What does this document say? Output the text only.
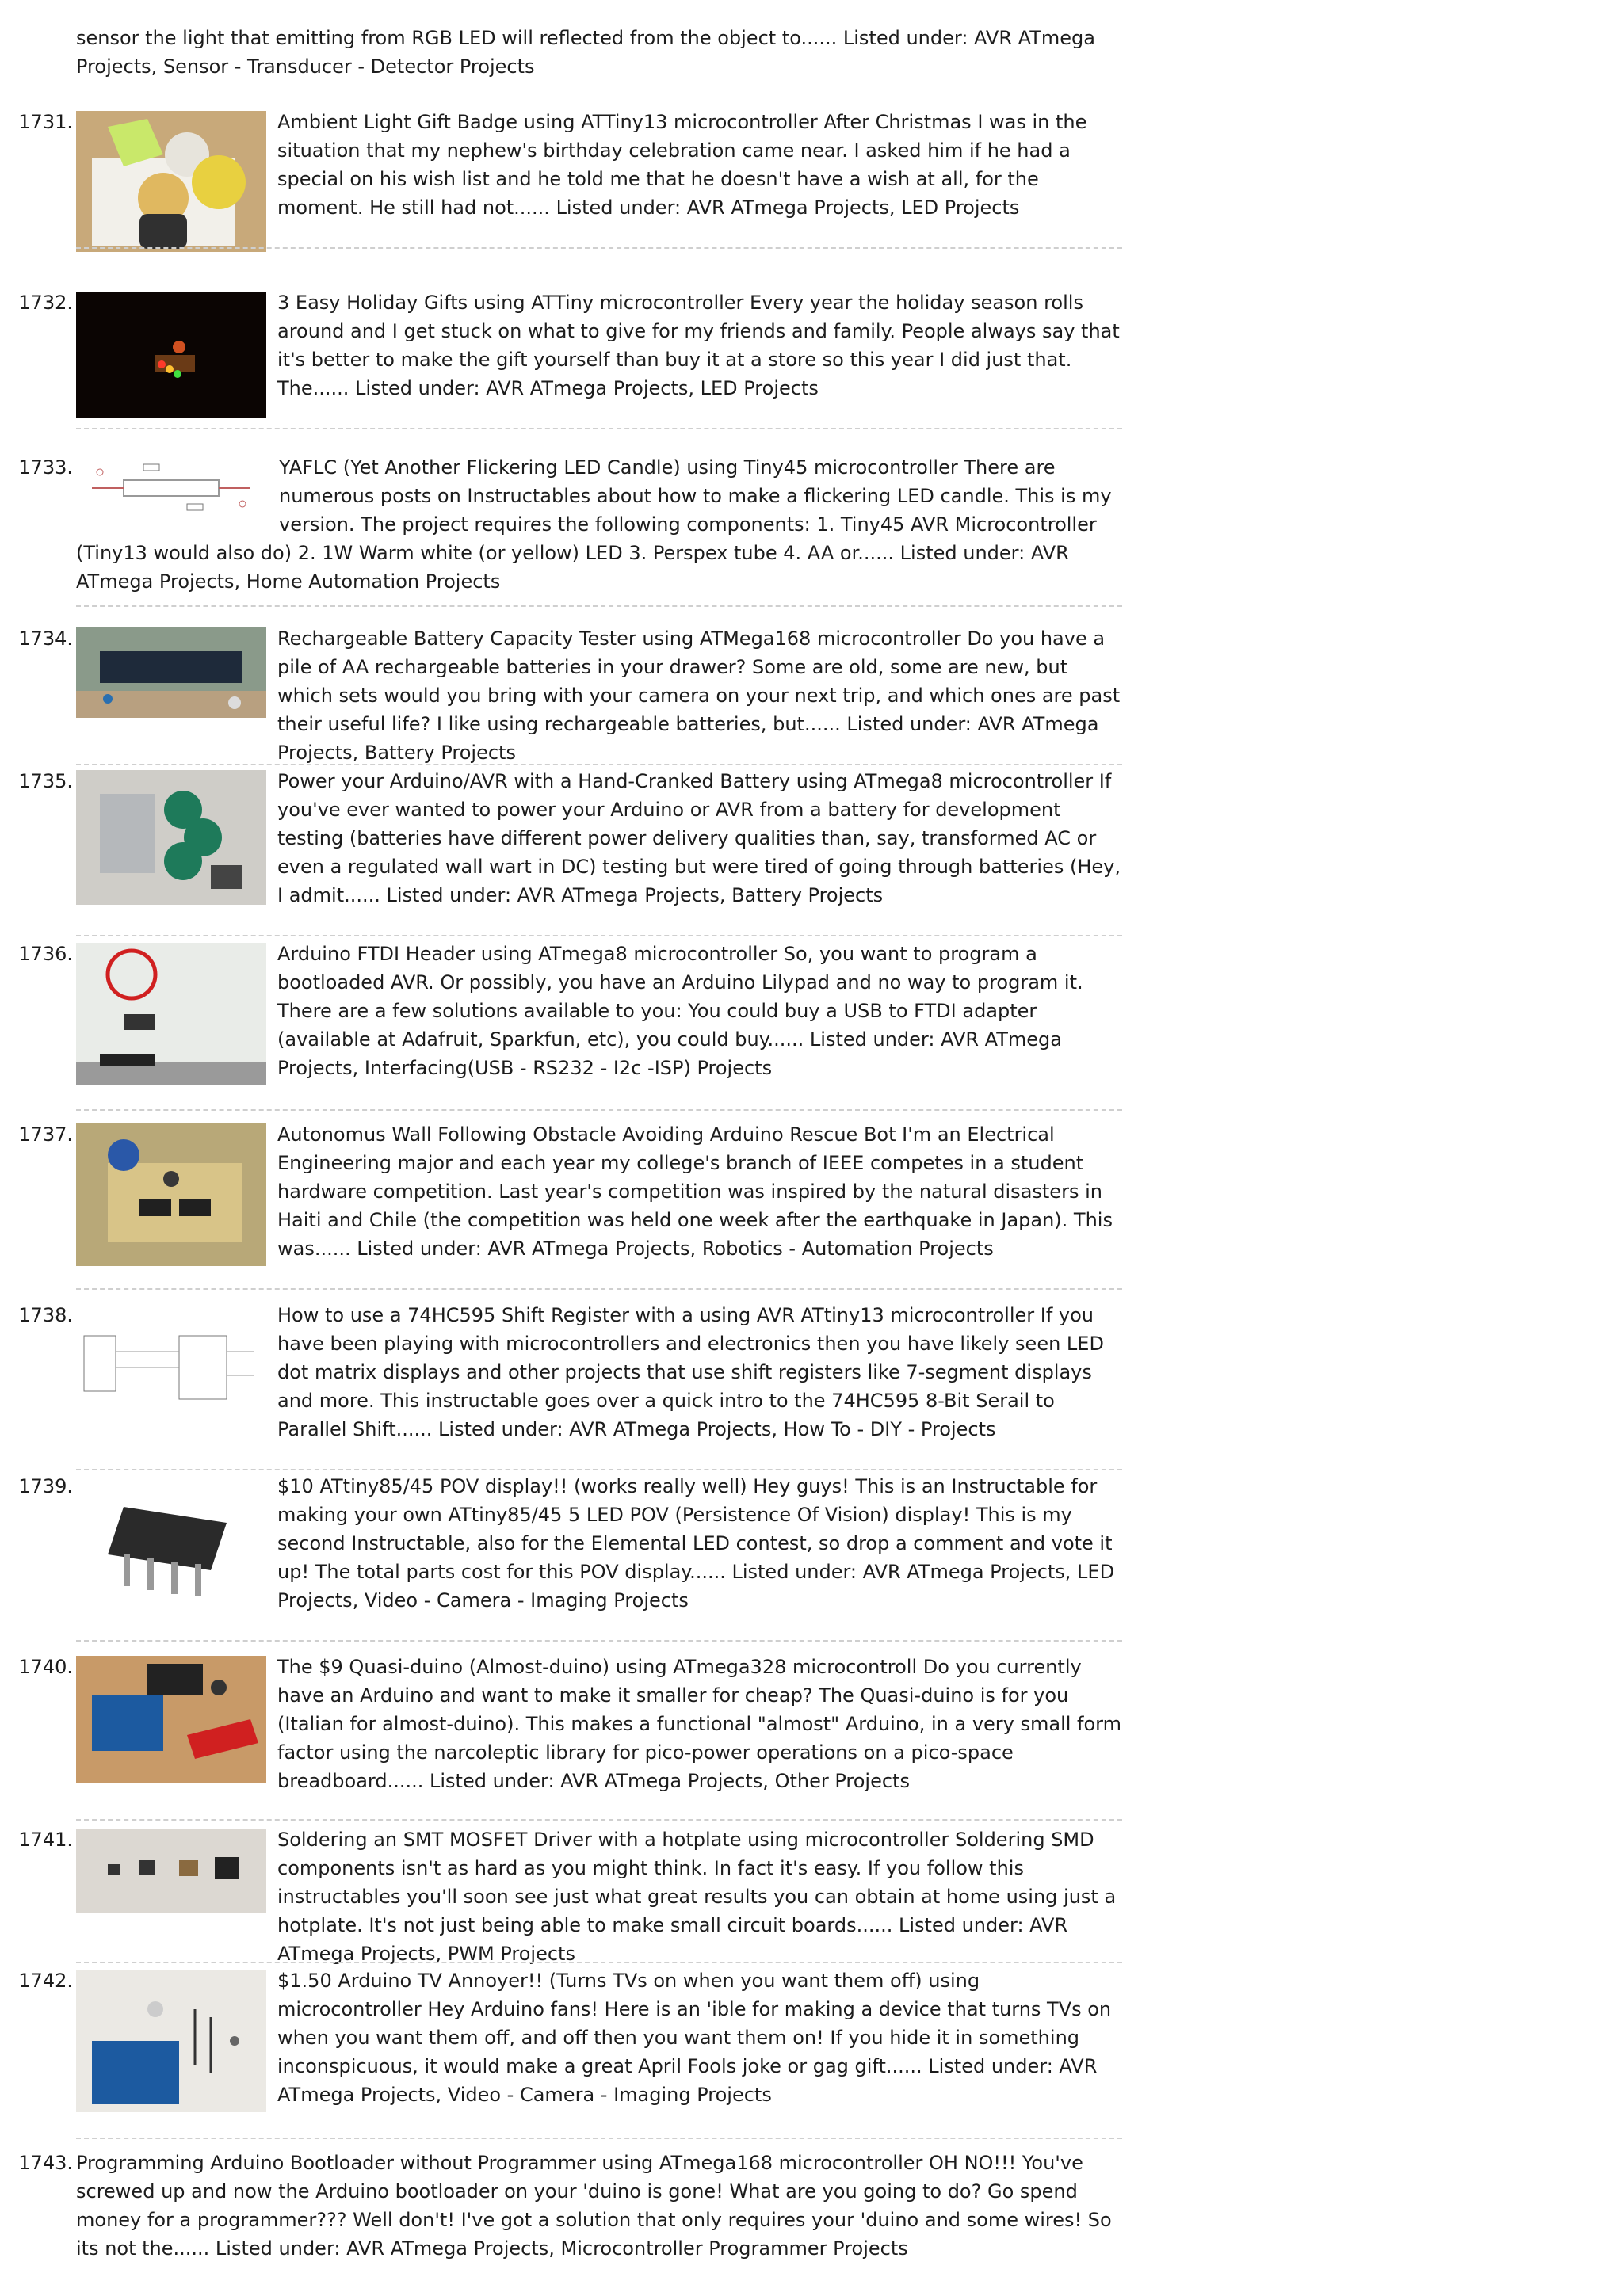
sensor the light that emitting from RGB LED will reflected from the object to...... Listed under: AVR ATmega Projects, Sensor - Transducer - Detector Projects

1731.	Ambient Light Gift Badge using ATTiny13 microcontroller After Christmas I was in the situation that my nephew's birthday celebration came near. I asked him if he had a special on his wish list and he told me that he doesn't have a wish at all, for the moment. He still had not...... Listed under: AVR ATmega Projects, LED Projects

1732.	3 Easy Holiday Gifts using ATTiny microcontroller Every year the holiday season rolls around and I get stuck on what to give for my friends and family. People always say that it's better to make the gift yourself than buy it at a store so this year I did just that. The...... Listed under: AVR ATmega Projects, LED Projects

1733.	YAFLC (Yet Another Flickering LED Candle) using Tiny45 microcontroller There are numerous posts on Instructables about how to make a flickering LED candle. This is my version. The project requires the following components: 1. Tiny45 AVR Microcontroller (Tiny13 would also do) 2. 1W Warm white (or yellow) LED 3. Perspex tube 4. AA or...... Listed under: AVR ATmega Projects, Home Automation Projects

1734.	Rechargeable Battery Capacity Tester using ATMega168 microcontroller Do you have a pile of AA rechargeable batteries in your drawer? Some are old, some are new, but which sets would you bring with your camera on your next trip, and which ones are past their useful life? I like using rechargeable batteries, but...... Listed under: AVR ATmega Projects, Battery Projects

1735.	Power your Arduino/AVR with a Hand-Cranked Battery using ATmega8 microcontroller If you've ever wanted to power your Arduino or AVR from a battery for development testing (batteries have different power delivery qualities than, say, transformed AC or even a regulated wall wart in DC) testing but were tired of going through batteries (Hey, I admit...... Listed under: AVR ATmega Projects, Battery Projects

1736.	Arduino FTDI Header using ATmega8 microcontroller So, you want to program a bootloaded AVR. Or possibly, you have an Arduino Lilypad and no way to program it. There are a few solutions available to you: You could buy a USB to FTDI adapter (available at Adafruit, Sparkfun, etc), you could buy...... Listed under: AVR ATmega Projects, Interfacing(USB - RS232 - I2c -ISP) Projects

1737.	Autonomus Wall Following Obstacle Avoiding Arduino Rescue Bot I'm an Electrical Engineering major and each year my college's branch of IEEE competes in a student hardware competition. Last year's competition was inspired by the natural disasters in Haiti and Chile (the competition was held one week after the earthquake in Japan). This was...... Listed under: AVR ATmega Projects, Robotics - Automation Projects

1738.	How to use a 74HC595 Shift Register with a using AVR ATtiny13 microcontroller If you have been playing with microcontrollers and electronics then you have likely seen LED dot matrix displays and other projects that use shift registers like 7-segment displays and more. This instructable goes over a quick intro to the 74HC595 8-Bit Serail to Parallel Shift...... Listed under: AVR ATmega Projects, How To - DIY - Projects

1739.	$10 ATtiny85/45 POV display!! (works really well) Hey guys! This is an Instructable for making your own ATtiny85/45 5 LED POV (Persistence Of Vision) display! This is my second Instructable, also for the Elemental LED contest, so drop a comment and vote it up! The total parts cost for this POV display...... Listed under: AVR ATmega Projects, LED Projects, Video - Camera - Imaging Projects

1740.	The $9 Quasi-duino (Almost-duino) using ATmega328 microcontroll Do you currently have an Arduino and want to make it smaller for cheap? The Quasi-duino is for you (Italian for almost-duino). This makes a functional "almost" Arduino, in a very small form factor using the narcoleptic library for pico-power operations on a pico-space breadboard...... Listed under: AVR ATmega Projects, Other Projects

1741.	Soldering an SMT MOSFET Driver with a hotplate using microcontroller Soldering SMD components isn't as hard as you might think. In fact it's easy. If you follow this instructables you'll soon see just what great results you can obtain at home using just a hotplate. It's not just being able to make small circuit boards...... Listed under: AVR ATmega Projects, PWM Projects

1742.	$1.50 Arduino TV Annoyer!! (Turns TVs on when you want them off) using microcontroller Hey Arduino fans! Here is an 'ible for making a device that turns TVs on when you want them off, and off then you want them on! If you hide it in something inconspicuous, it would make a great April Fools joke or gag gift...... Listed under: AVR ATmega Projects, Video - Camera - Imaging Projects

1743. Programming Arduino Bootloader without Programmer using ATmega168 microcontroller OH NO!!! You've screwed up and now the Arduino bootloader on your 'duino is gone! What are you going to do? Go spend money for a programmer??? Well don't! I've got a solution that only requires your 'duino and some wires! So its not the...... Listed under: AVR ATmega Projects, Microcontroller Programmer Projects
